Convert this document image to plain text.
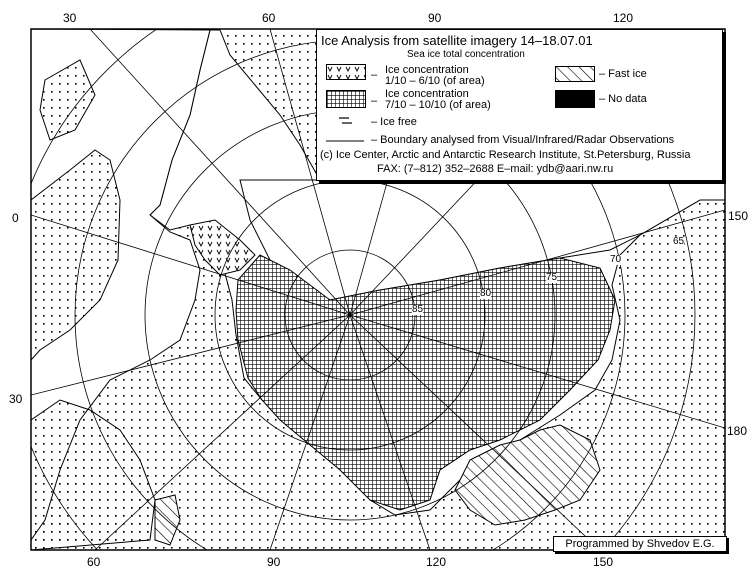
30	60	90	120
60	90	120	150
0
30
150
180
85
80
75
70
65
Ice Analysis from satellite imagery 14–18.07.01
Sea ice total concentration
– Ice concentration
1/10 – 6/10 (of area)
–
Ice concentration
7/10 – 10/10 (of area)
– Ice free
– Fast ice
– No data
– Boundary analysed from Visual/Infrared/Radar Observations
(c) Ice Center, Arctic and Antarctic Research Institute, St.Petersburg, Russia
FAX: (7–812) 352–2688 E–mail: ydb@aari.nw.ru
Programmed by Shvedov E.G.
